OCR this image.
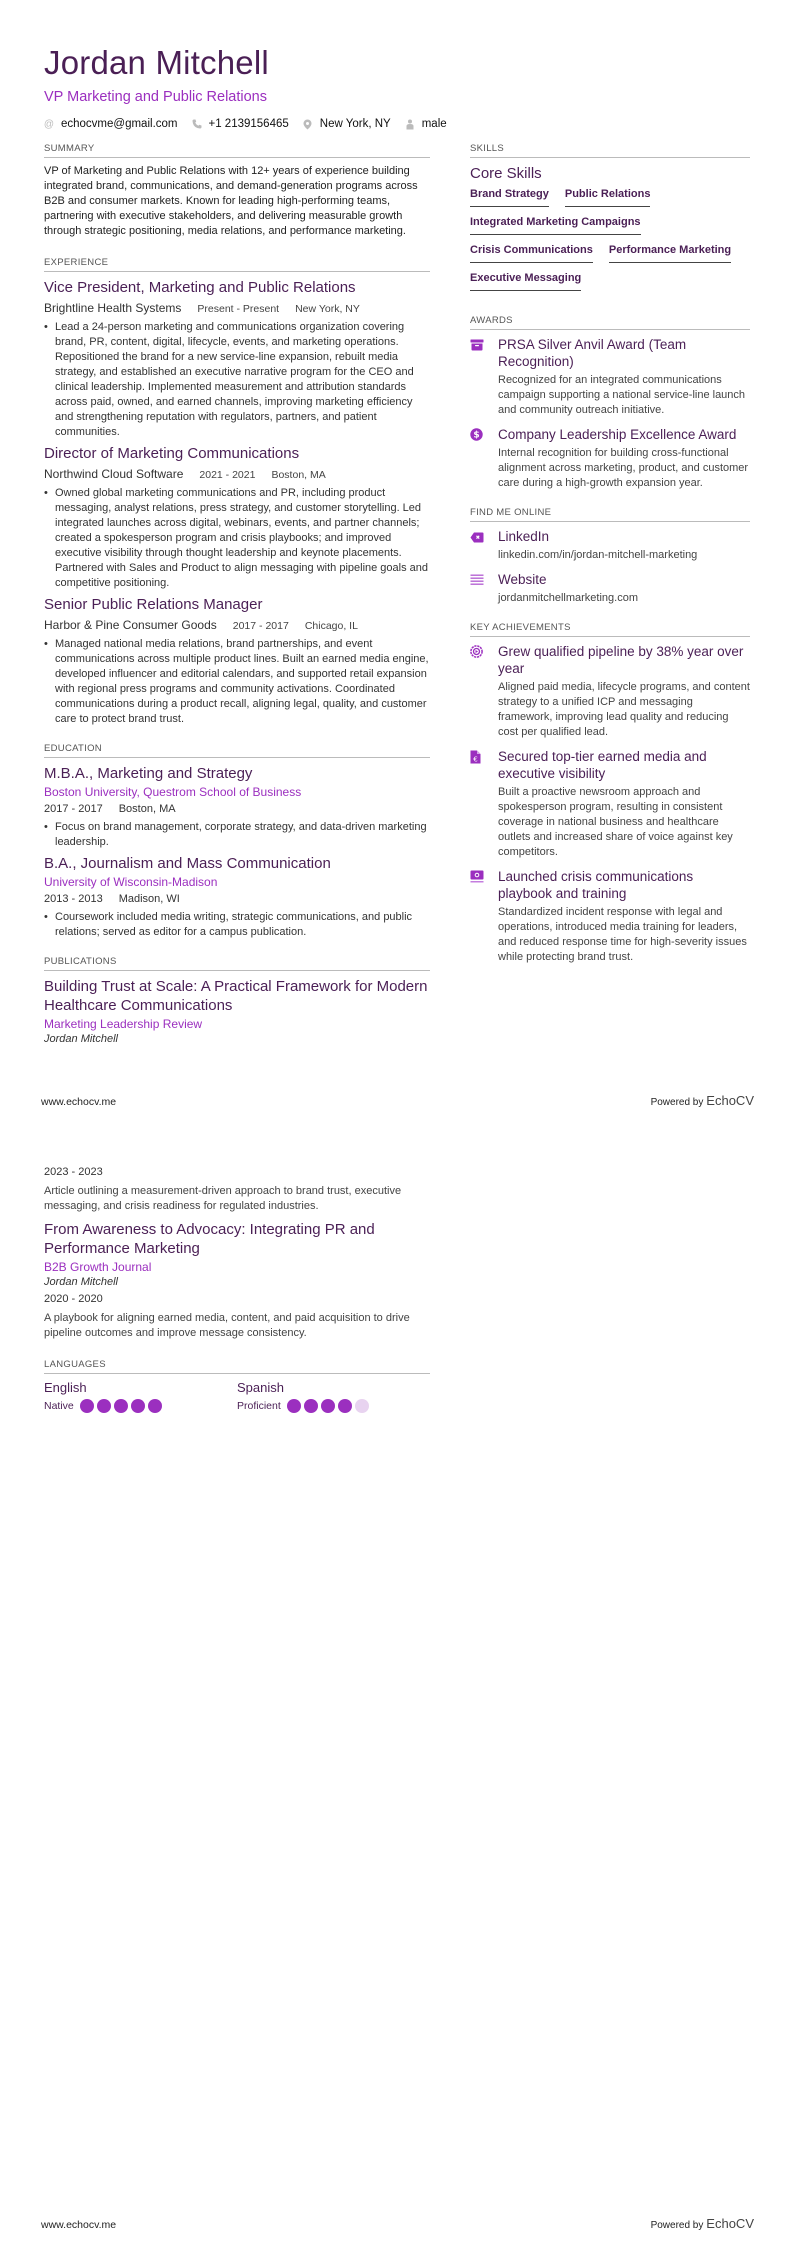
Jordan Mitchell
VP Marketing and Public Relations
@ echocvme@gmail.com	+1 2139156465	New York, NY	male
SUMMARY
VP of Marketing and Public Relations with 12+ years of experience building integrated brand, communications, and demand-generation programs across B2B and consumer markets. Known for leading high-performing teams, partnering with executive stakeholders, and delivering measurable growth through strategic positioning, media relations, and performance marketing.
EXPERIENCE
Vice President, Marketing and Public Relations
Brightline Health Systems Present - Present New York, NY
• Lead a 24-person marketing and communications organization covering brand, PR, content, digital, lifecycle, events, and marketing operations. Repositioned the brand for a new service-line expansion, rebuilt media strategy, and established an executive narrative program for the CEO and clinical leadership. Implemented measurement and attribution standards across paid, owned, and earned channels, improving marketing efficiency and strengthening reputation with regulators, partners, and patient communities.
Director of Marketing Communications
Northwind Cloud Software 2021 - 2021 Boston, MA
• Owned global marketing communications and PR, including product messaging, analyst relations, press strategy, and customer storytelling. Led integrated launches across digital, webinars, events, and partner channels; created a spokesperson program and crisis playbooks; and improved executive visibility through thought leadership and keynote placements. Partnered with Sales and Product to align messaging with pipeline goals and competitive positioning.
Senior Public Relations Manager
Harbor & Pine Consumer Goods 2017 - 2017 Chicago, IL
• Managed national media relations, brand partnerships, and event communications across multiple product lines. Built an earned media engine, developed influencer and editorial calendars, and supported retail expansion with regional press programs and community activations. Coordinated communications during a product recall, aligning legal, quality, and customer care to protect brand trust.
EDUCATION
M.B.A., Marketing and Strategy
Boston University, Questrom School of Business
2017 - 2017 Boston, MA
• Focus on brand management, corporate strategy, and data-driven marketing leadership.
B.A., Journalism and Mass Communication
University of Wisconsin-Madison
2013 - 2013 Madison, WI
• Coursework included media writing, strategic communications, and public relations; served as editor for a campus publication.
PUBLICATIONS
Building Trust at Scale: A Practical Framework for Modern Healthcare Communications
Marketing Leadership Review
Jordan Mitchell
SKILLS
Core Skills
Brand Strategy Public Relations
Integrated Marketing Campaigns
Crisis Communications Performance Marketing
Executive Messaging
AWARDS
PRSA Silver Anvil Award (Team Recognition)
Recognized for an integrated communications campaign supporting a national service-line launch and community outreach initiative.
$ Company Leadership Excellence Award
Internal recognition for building cross-functional alignment across marketing, product, and customer care during a high-growth expansion year.
FIND ME ONLINE
LinkedIn
linkedin.com/in/jordan-mitchell-marketing
Website
jordanmitchellmarketing.com
KEY ACHIEVEMENTS
Grew qualified pipeline by 38% year over year
Aligned paid media, lifecycle programs, and content strategy to a unified ICP and messaging framework, improving lead quality and reducing cost per qualified lead.
€ Secured top-tier earned media and executive visibility
Built a proactive newsroom approach and spokesperson program, resulting in consistent coverage in national business and healthcare outlets and increased share of voice against key competitors.
Launched crisis communications playbook and training
Standardized incident response with legal and operations, introduced media training for leaders, and reduced response time for high-severity issues while protecting brand trust.
www.echocv.me	Powered by EchoCV
2023 - 2023
Article outlining a measurement-driven approach to brand trust, executive messaging, and crisis readiness for regulated industries.
From Awareness to Advocacy: Integrating PR and Performance Marketing
B2B Growth Journal
Jordan Mitchell
2020 - 2020
A playbook for aligning earned media, content, and paid acquisition to drive pipeline outcomes and improve message consistency.
LANGUAGES
English
Native
Spanish
Proficient
www.echocv.me	Powered by EchoCV
